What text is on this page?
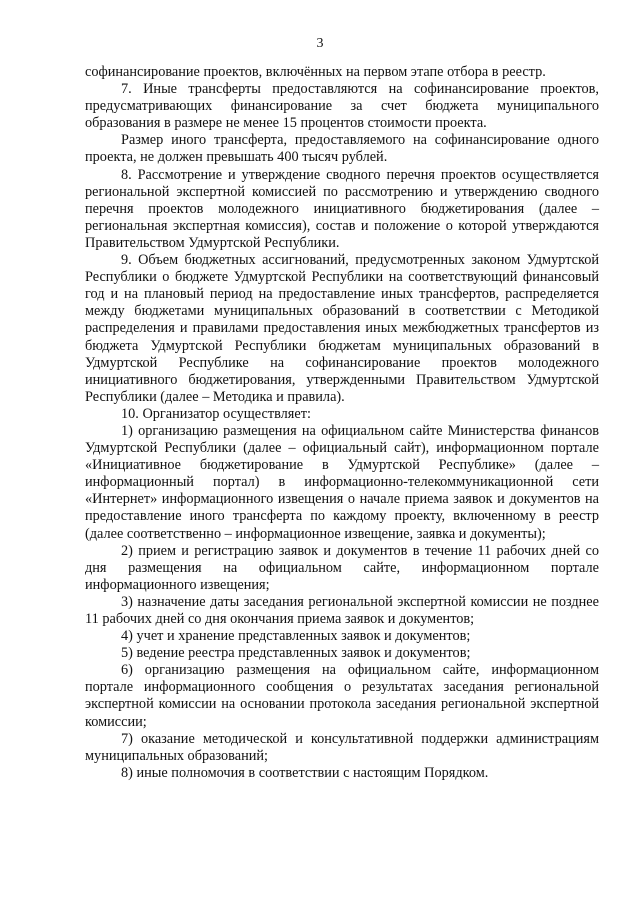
3

софинансирование проектов, включённых на первом этапе отбора в реестр.

7. Иные трансферты предоставляются на софинансирование проектов, предусматривающих финансирование за счет бюджета муниципального образования в размере не менее 15 процентов стоимости проекта.

Размер иного трансферта, предоставляемого на софинансирование одного проекта, не должен превышать 400 тысяч рублей.

8. Рассмотрение и утверждение сводного перечня проектов осуществляется региональной экспертной комиссией по рассмотрению и утверждению сводного перечня проектов молодежного инициативного бюджетирования (далее – региональная экспертная комиссия), состав и положение о которой утверждаются Правительством Удмуртской Республики.

9. Объем бюджетных ассигнований, предусмотренных законом Удмуртской Республики о бюджете Удмуртской Республики на соответствующий финансовый год и на плановый период на предоставление иных трансфертов, распределяется между бюджетами муниципальных образований в соответствии с Методикой распределения и правилами предоставления иных межбюджетных трансфертов из бюджета Удмуртской Республики бюджетам муниципальных образований в Удмуртской Республике на софинансирование проектов молодежного инициативного бюджетирования, утвержденными Правительством Удмуртской Республики (далее – Методика и правила).

10. Организатор осуществляет:

1) организацию размещения на официальном сайте Министерства финансов Удмуртской Республики (далее – официальный сайт), информационном портале «Инициативное бюджетирование в Удмуртской Республике» (далее – информационный портал) в информационно-телекоммуникационной сети «Интернет» информационного извещения о начале приема заявок и документов на предоставление иного трансферта по каждому проекту, включенному в реестр (далее соответственно – информационное извещение, заявка и документы);

2) прием и регистрацию заявок и документов в течение 11 рабочих дней со дня размещения на официальном сайте, информационном портале информационного извещения;

3) назначение даты заседания региональной экспертной комиссии не позднее 11 рабочих дней со дня окончания приема заявок и документов;

4) учет и хранение представленных заявок и документов;

5) ведение реестра представленных заявок и документов;

6) организацию размещения на официальном сайте, информационном портале информационного сообщения о результатах заседания региональной экспертной комиссии на основании протокола заседания региональной экспертной комиссии;

7) оказание методической и консультативной поддержки администрациям муниципальных образований;

8) иные полномочия в соответствии с настоящим Порядком.
